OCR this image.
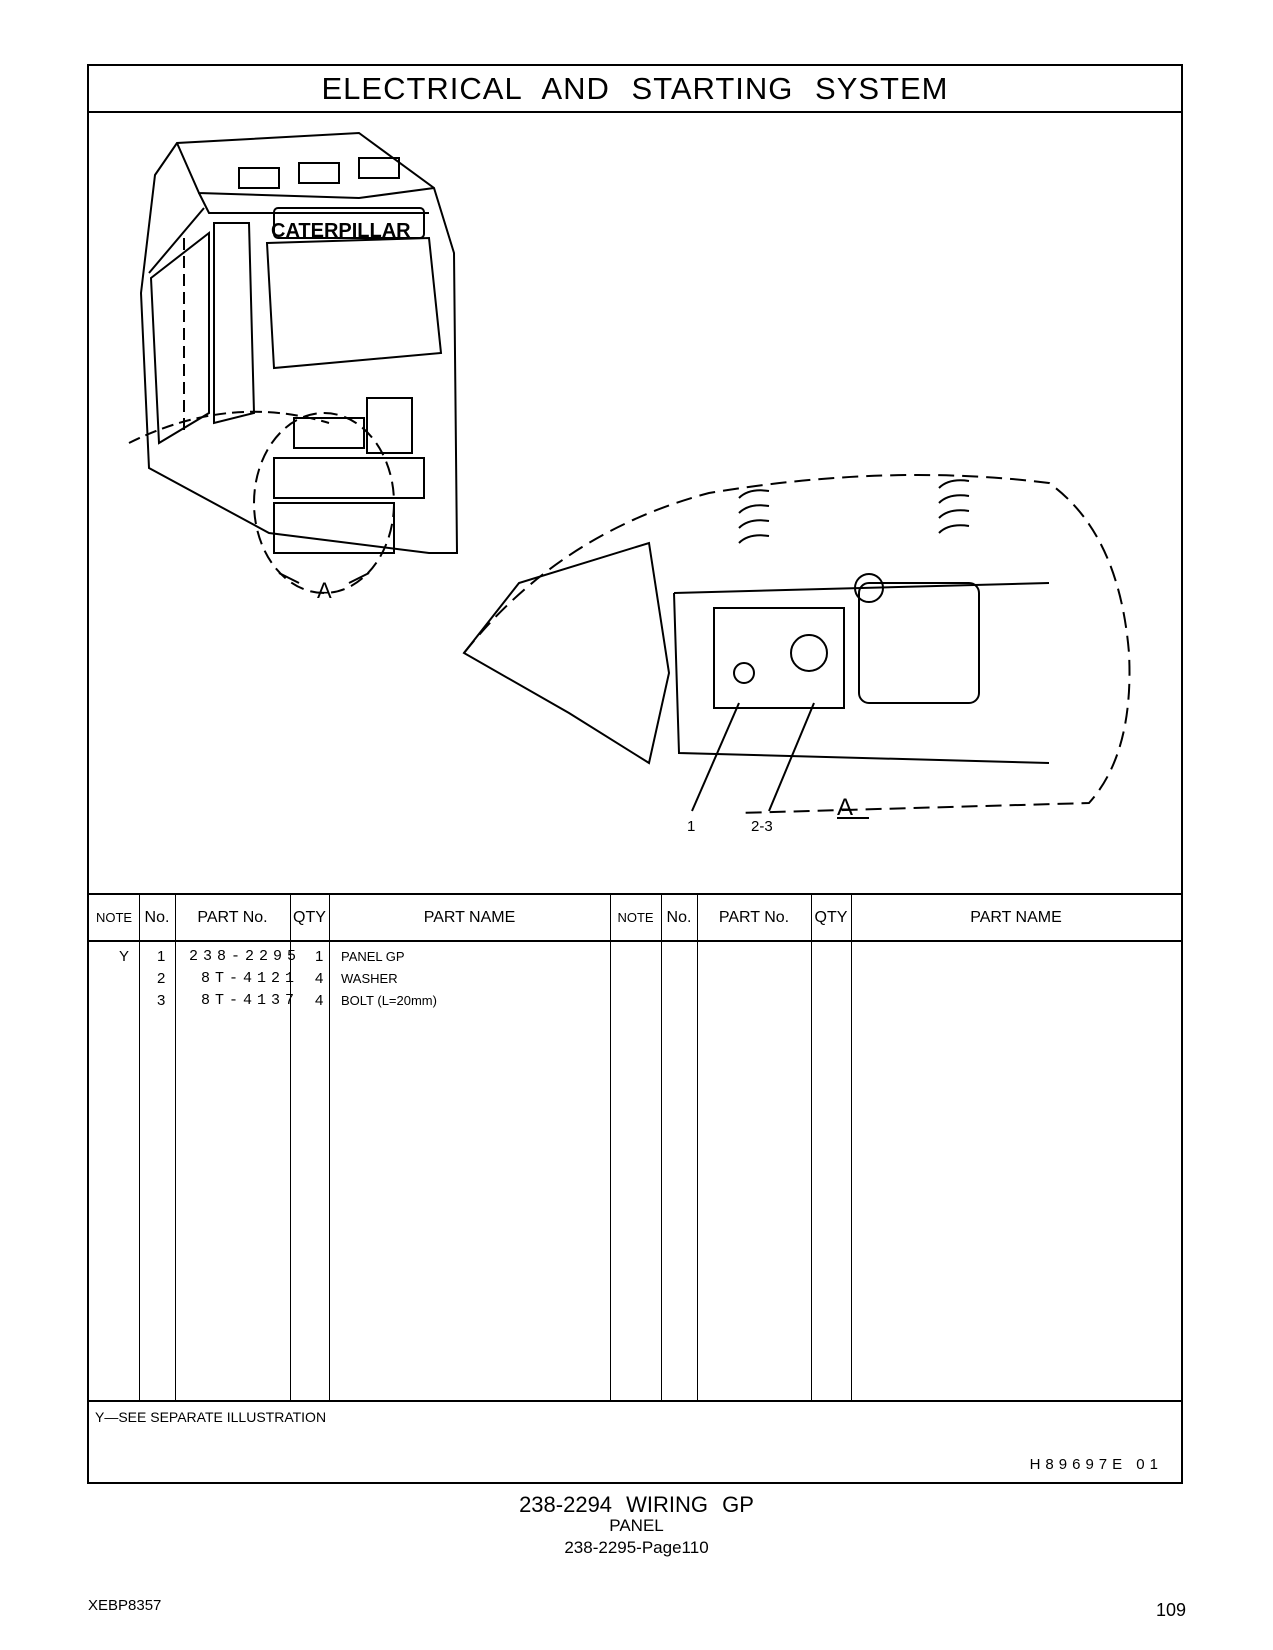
ELECTRICAL AND STARTING SYSTEM
CATERPILLAR
A
A
1	2-3
NOTE No.	PART No.	QTY	PART NAME	NOTE No.	PART No.	QTY	PART NAME
Y 1 238-2295 1 PANEL GP
2 8T-4121 4 WASHER
3 8T-4137 4 BOLT (L=20mm)
Y—SEE SEPARATE ILLUSTRATION
H89697E 01
238-2294 WIRING GP
PANEL
238-2295-Page110
XEBP8357	109
